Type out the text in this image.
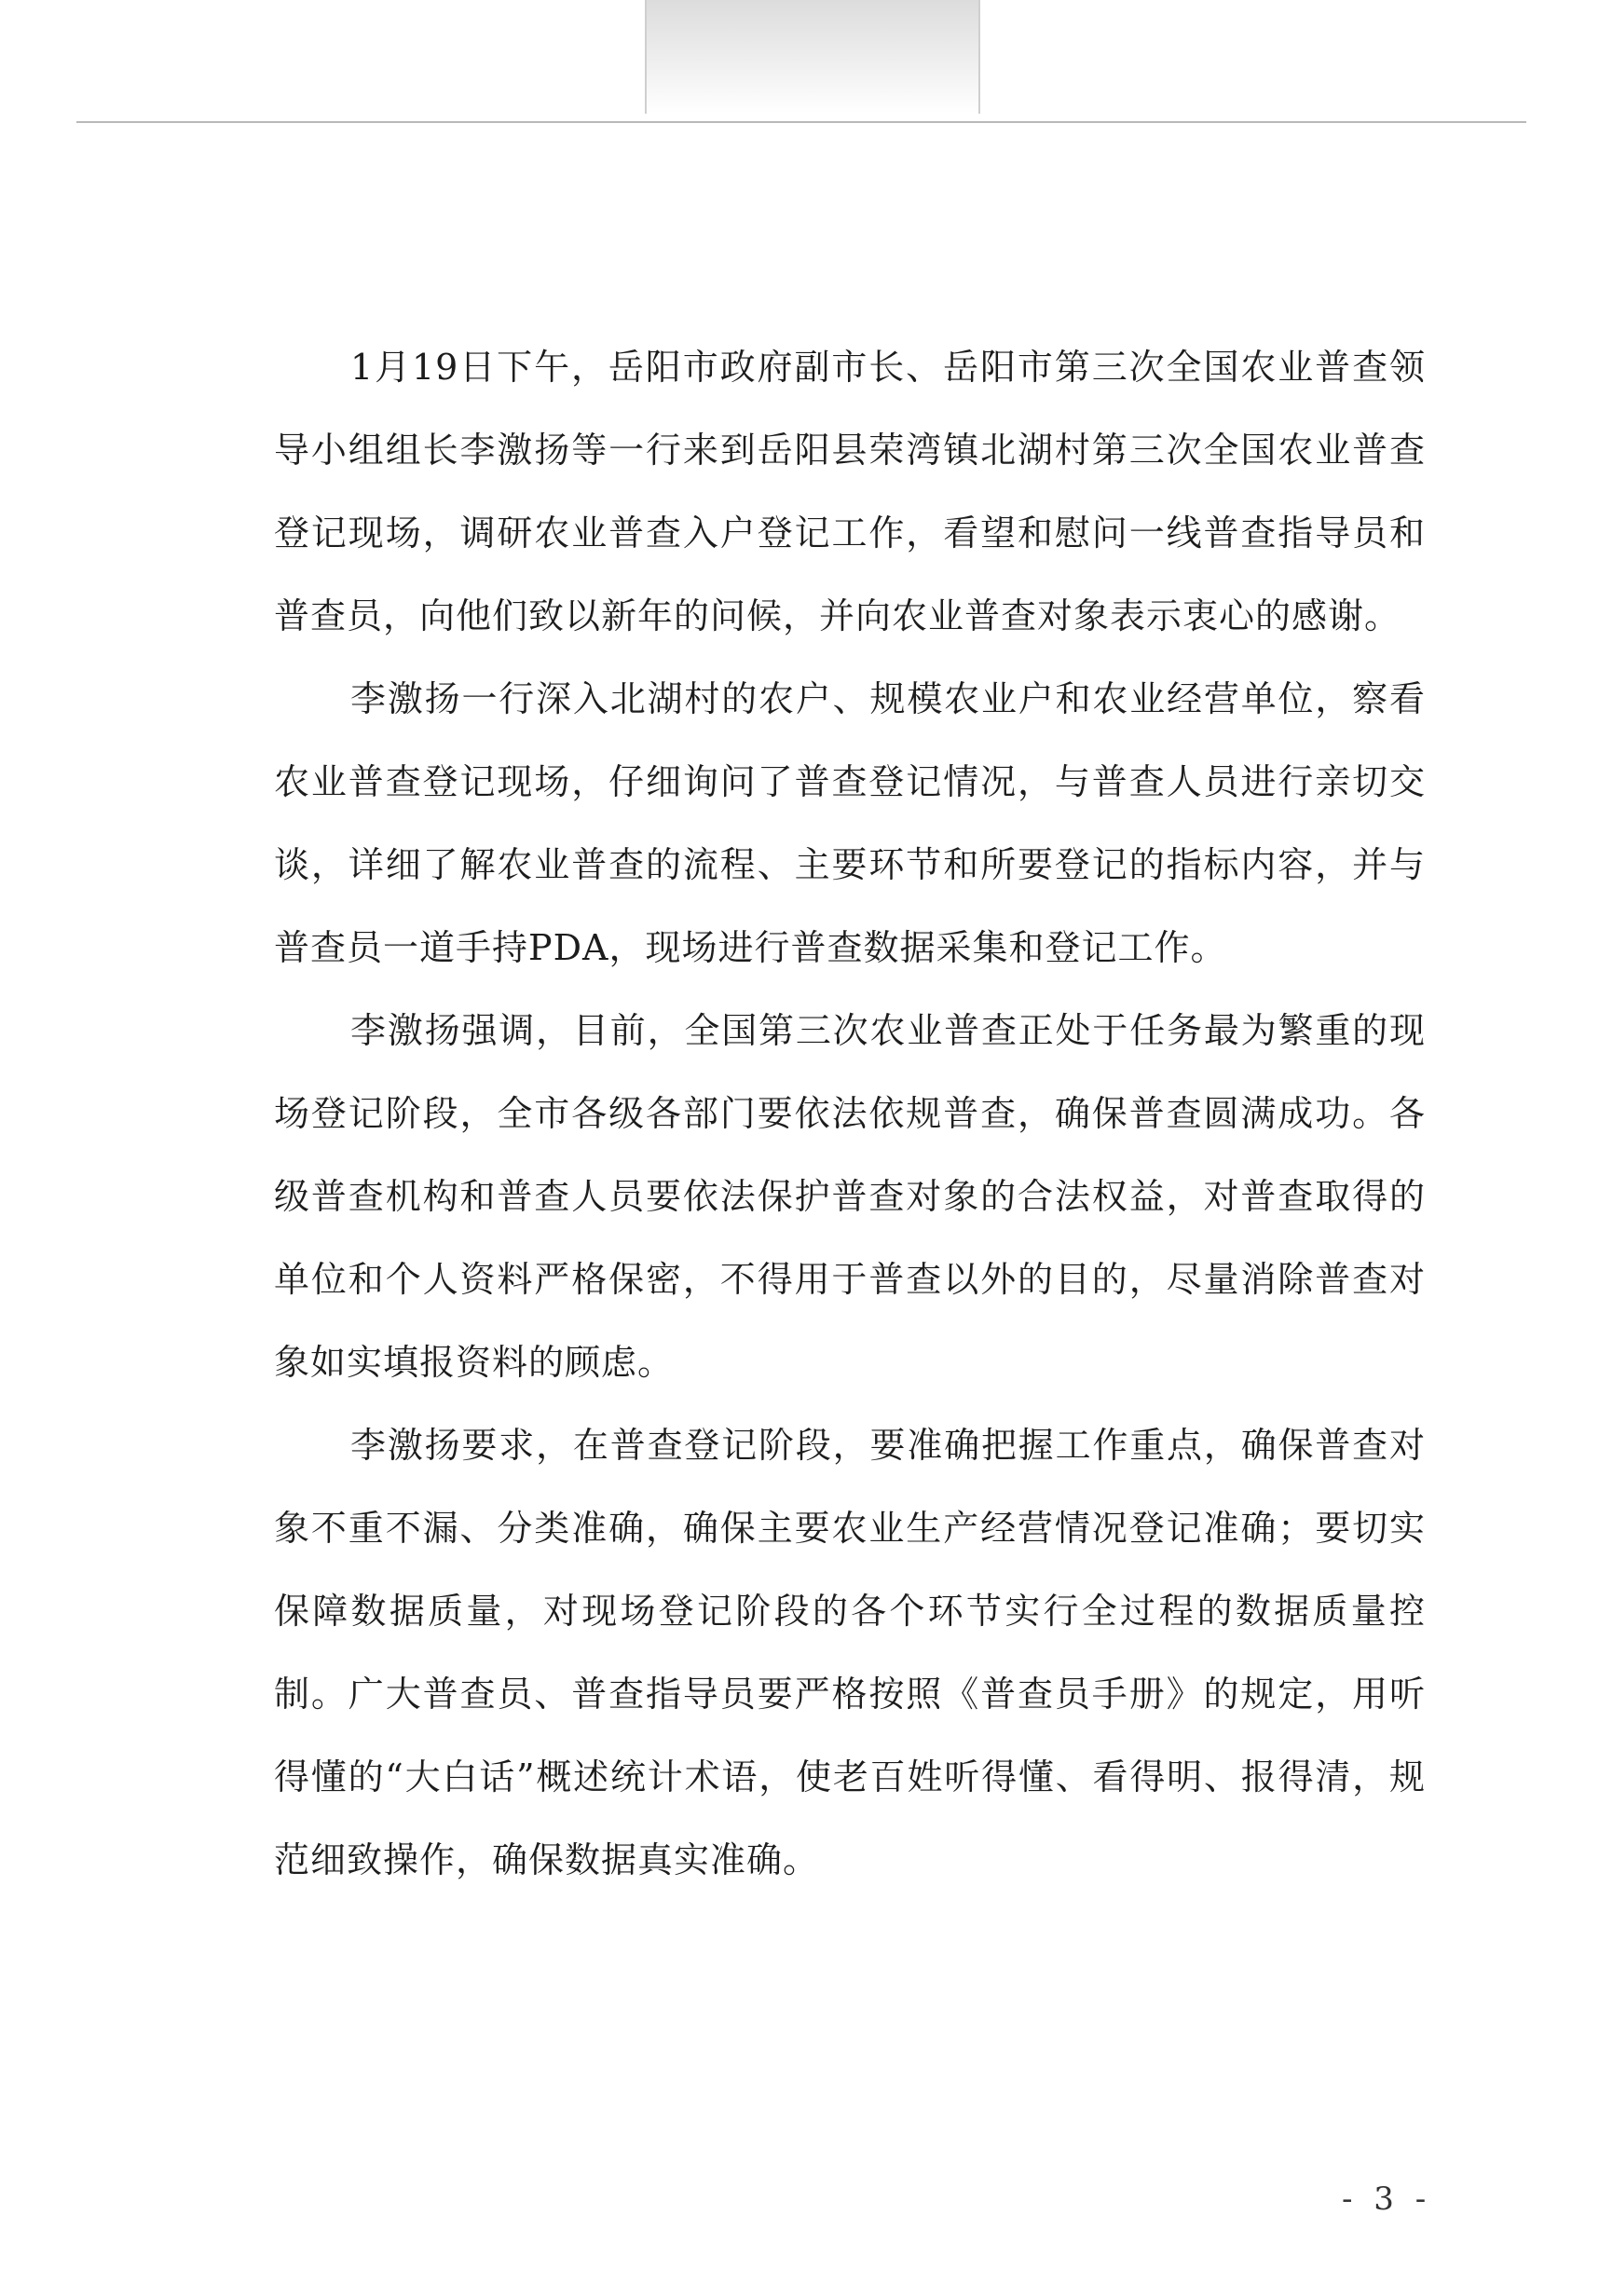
1月19日下午，岳阳市政府副市长、岳阳市第三次全国农业普查领导小组组长李激扬等一行来到岳阳县荣湾镇北湖村第三次全国农业普查登记现场，调研农业普查入户登记工作，看望和慰问一线普查指导员和普查员，向他们致以新年的问候，并向农业普查对象表示衷心的感谢。

李激扬一行深入北湖村的农户、规模农业户和农业经营单位，察看农业普查登记现场，仔细询问了普查登记情况，与普查人员进行亲切交谈，详细了解农业普查的流程、主要环节和所要登记的指标内容，并与普查员一道手持PDA，现场进行普查数据采集和登记工作。

李激扬强调，目前，全国第三次农业普查正处于任务最为繁重的现场登记阶段，全市各级各部门要依法依规普查，确保普查圆满成功。各级普查机构和普查人员要依法保护普查对象的合法权益，对普查取得的单位和个人资料严格保密，不得用于普查以外的目的，尽量消除普查对象如实填报资料的顾虑。

李激扬要求，在普查登记阶段，要准确把握工作重点，确保普查对象不重不漏、分类准确，确保主要农业生产经营情况登记准确；要切实保障数据质量，对现场登记阶段的各个环节实行全过程的数据质量控制。广大普查员、普查指导员要严格按照《普查员手册》的规定，用听得懂的“大白话”概述统计术语，使老百姓听得懂、看得明、报得清，规范细致操作，确保数据真实准确。

- 3 -
